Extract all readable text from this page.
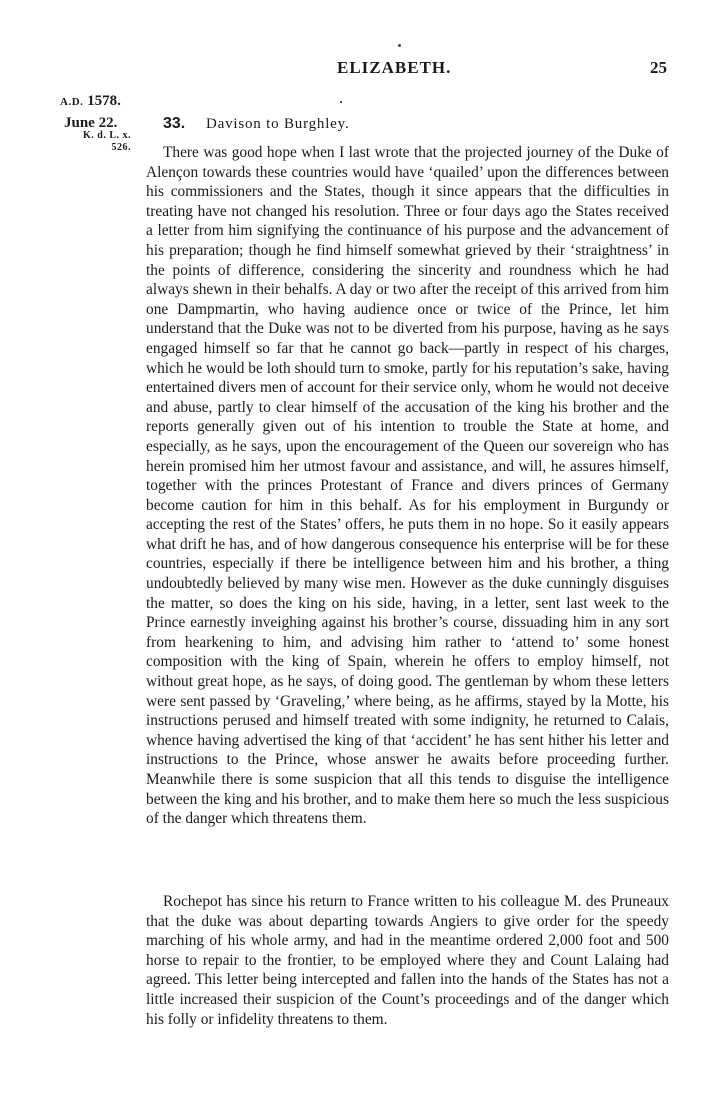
ELIZABETH.	25
A.D. 1578.
June 22.
K. d. L. x.
526.
33. Davison to Burghley.

There was good hope when I last wrote that the projected journey of the Duke of Alençon towards these countries would have ‘quailed’ upon the differences between his commissioners and the States, though it since appears that the difficulties in treating have not changed his resolution. Three or four days ago the States received a letter from him signifying the continuance of his purpose and the advancement of his preparation; though he find himself somewhat grieved by their ‘straightness’ in the points of difference, considering the sincerity and roundness which he had always shewn in their behalfs. A day or two after the receipt of this arrived from him one Dampmartin, who having audience once or twice of the Prince, let him understand that the Duke was not to be diverted from his purpose, having as he says engaged himself so far that he cannot go back—partly in respect of his charges, which he would be loth should turn to smoke, partly for his reputation’s sake, having entertained divers men of account for their service only, whom he would not deceive and abuse, partly to clear himself of the accusation of the king his brother and the reports generally given out of his intention to trouble the State at home, and especially, as he says, upon the encouragement of the Queen our sovereign who has herein promised him her utmost favour and assistance, and will, he assures himself, together with the princes Protestant of France and divers princes of Germany become caution for him in this behalf. As for his employment in Burgundy or accepting the rest of the States’ offers, he puts them in no hope. So it easily appears what drift he has, and of how dangerous consequence his enterprise will be for these countries, especially if there be intelligence between him and his brother, a thing undoubtedly believed by many wise men. However as the duke cunningly disguises the matter, so does the king on his side, having, in a letter, sent last week to the Prince earnestly inveighing against his brother’s course, dissuading him in any sort from hearkening to him, and advising him rather to ‘attend to’ some honest composition with the king of Spain, wherein he offers to employ himself, not without great hope, as he says, of doing good. The gentleman by whom these letters were sent passed by ‘Graveling,’ where being, as he affirms, stayed by la Motte, his instructions perused and himself treated with some indignity, he returned to Calais, whence having advertised the king of that ‘accident’ he has sent hither his letter and instructions to the Prince, whose answer he awaits before proceeding further. Meanwhile there is some suspicion that all this tends to disguise the intelligence between the king and his brother, and to make them here so much the less suspicious of the danger which threatens them.

Rochepot has since his return to France written to his colleague M. des Pruneaux that the duke was about departing towards Angiers to give order for the speedy marching of his whole army, and had in the meantime ordered 2,000 foot and 500 horse to repair to the frontier, to be employed where they and Count Lalaing had agreed. This letter being intercepted and fallen into the hands of the States has not a little increased their suspicion of the Count’s proceedings and of the danger which his folly or infidelity threatens to them.
